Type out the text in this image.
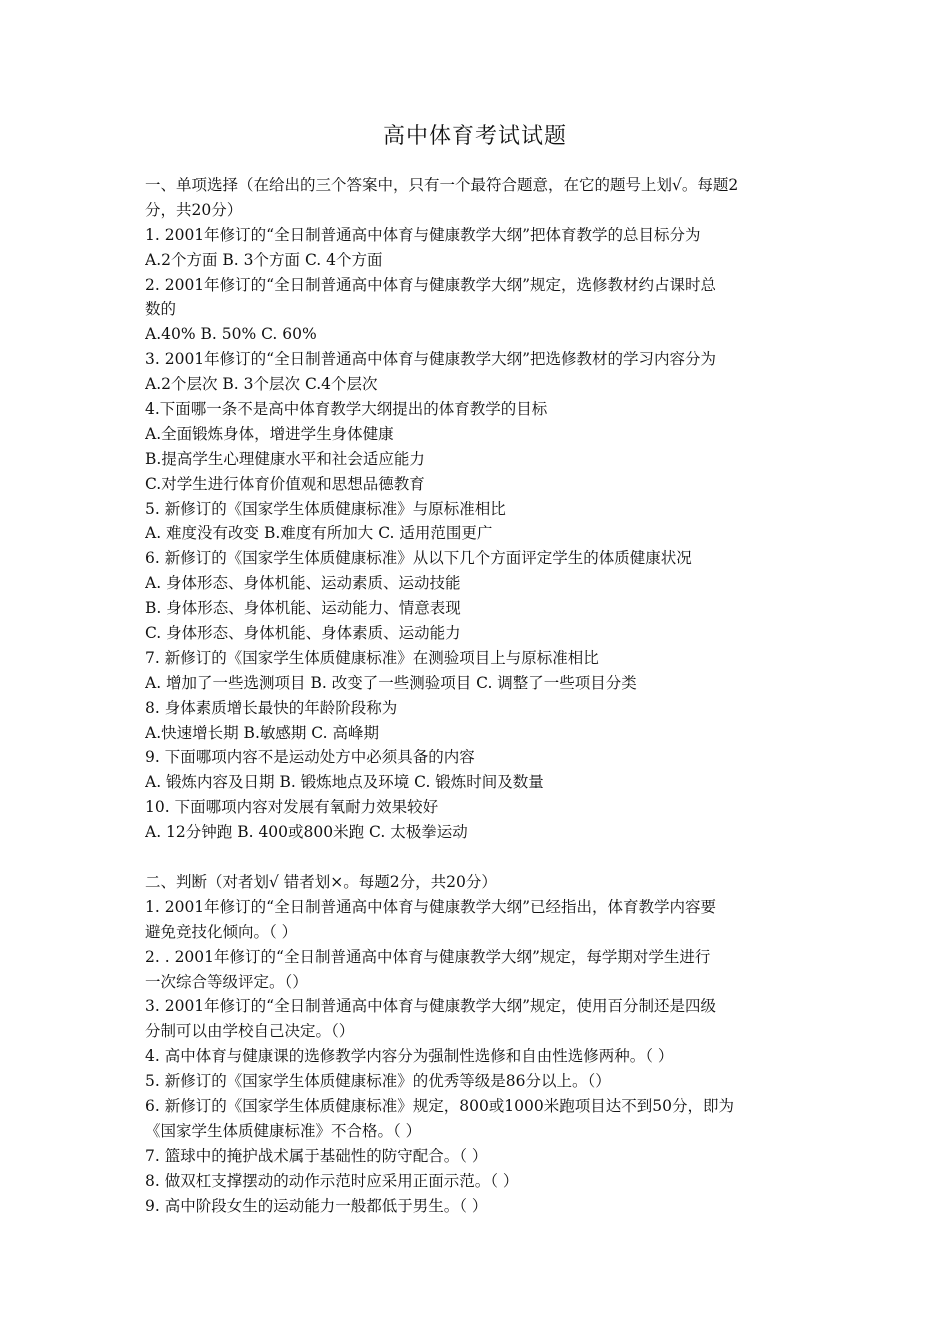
高中体育考试试题
一、单项选择（在给出的三个答案中，只有一个最符合题意，在它的题号上划√。每题2
分，共20分）
1. 2001年修订的“全日制普通高中体育与健康教学大纲”把体育教学的总目标分为
A.2个方面 B. 3个方面 C. 4个方面
2. 2001年修订的“全日制普通高中体育与健康教学大纲”规定，选修教材约占课时总
数的
A.40% B. 50% C. 60%
3. 2001年修订的“全日制普通高中体育与健康教学大纲”把选修教材的学习内容分为
A.2个层次 B. 3个层次 C.4个层次
4.下面哪一条不是高中体育教学大纲提出的体育教学的目标
A.全面锻炼身体，增进学生身体健康
B.提高学生心理健康水平和社会适应能力
C.对学生进行体育价值观和思想品德教育
5. 新修订的《国家学生体质健康标准》与原标准相比
A. 难度没有改变 B.难度有所加大 C. 适用范围更广
6. 新修订的《国家学生体质健康标准》从以下几个方面评定学生的体质健康状况
A. 身体形态、身体机能、运动素质、运动技能
B. 身体形态、身体机能、运动能力、情意表现
C. 身体形态、身体机能、身体素质、运动能力
7. 新修订的《国家学生体质健康标准》在测验项目上与原标准相比
A. 增加了一些选测项目 B. 改变了一些测验项目 C. 调整了一些项目分类
8. 身体素质增长最快的年龄阶段称为
A.快速增长期 B.敏感期 C. 高峰期
9. 下面哪项内容不是运动处方中必须具备的内容
A. 锻炼内容及日期 B. 锻炼地点及环境 C. 锻炼时间及数量
10. 下面哪项内容对发展有氧耐力效果较好
A. 12分钟跑 B. 400或800米跑 C. 太极拳运动
二、判断（对者划√ 错者划×。每题2分，共20分）
1. 2001年修订的“全日制普通高中体育与健康教学大纲”已经指出，体育教学内容要
避免竞技化倾向。（ ）
2. . 2001年修订的“全日制普通高中体育与健康教学大纲”规定，每学期对学生进行
一次综合等级评定。（）
3. 2001年修订的“全日制普通高中体育与健康教学大纲”规定，使用百分制还是四级
分制可以由学校自己决定。（）
4. 高中体育与健康课的选修教学内容分为强制性选修和自由性选修两种。（ ）
5. 新修订的《国家学生体质健康标准》的优秀等级是86分以上。（）
6. 新修订的《国家学生体质健康标准》规定，800或1000米跑项目达不到50分，即为
《国家学生体质健康标准》不合格。（ ）
7. 篮球中的掩护战术属于基础性的防守配合。（ ）
8. 做双杠支撑摆动的动作示范时应采用正面示范。（ ）
9. 高中阶段女生的运动能力一般都低于男生。（ ）
